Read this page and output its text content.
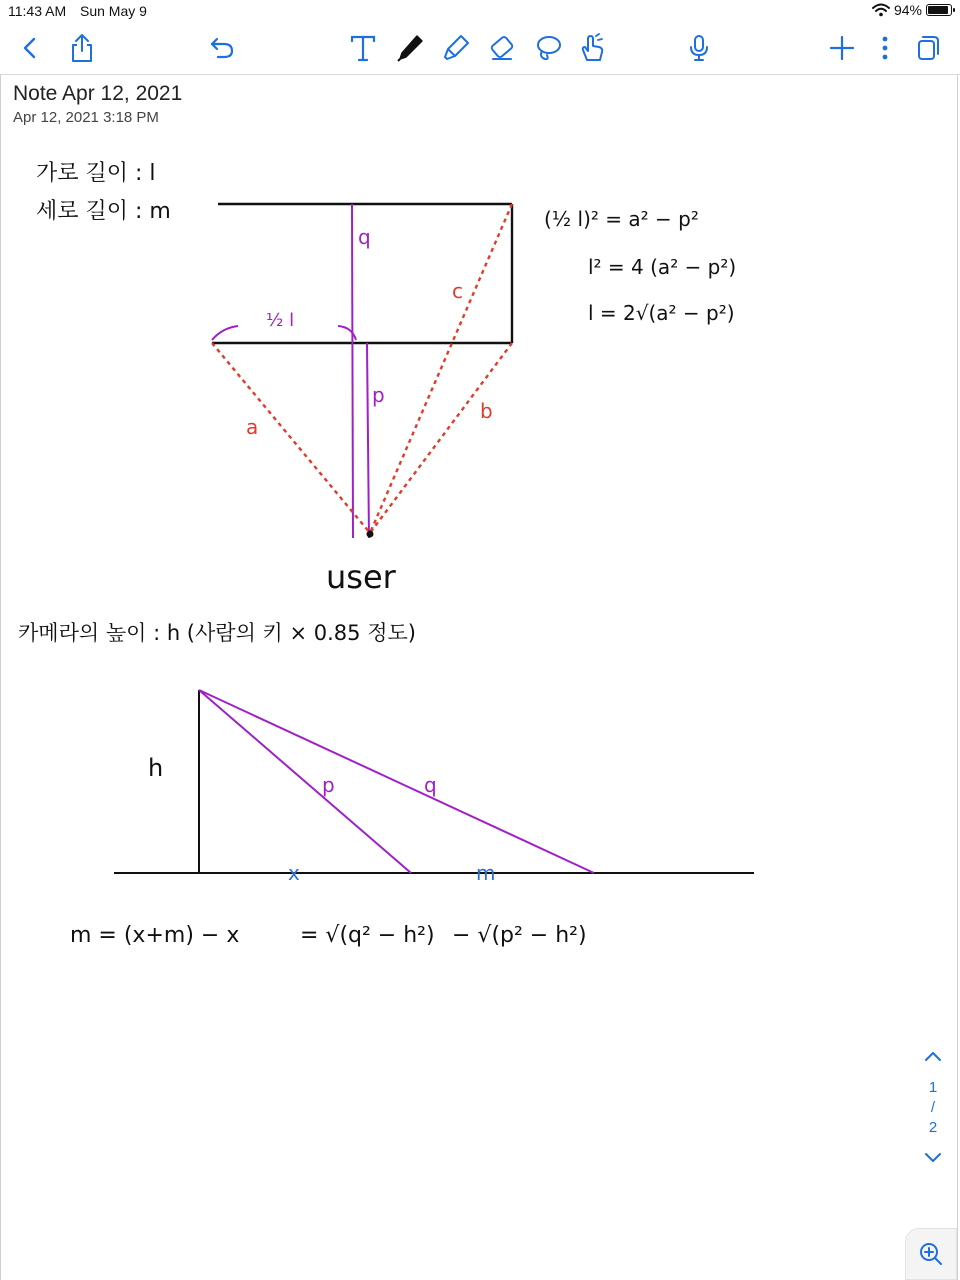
11:43 AM Sun May 9	94%
Note Apr 12, 2021
Apr 12, 2021 3:18 PM
가로 길이 : l
세로 길이 : m
q
½ l
c
p
a
b
user
(½ l)² = a² − p²
l² = 4 (a² − p²)
l = 2√(a² − p²)
카메라의 높이 : h (사람의 키 × 0.85 정도)
h
p	q
x	m
m = (x+m) − x	= √(q² − h²) − √(p² − h²)
1
/
2
